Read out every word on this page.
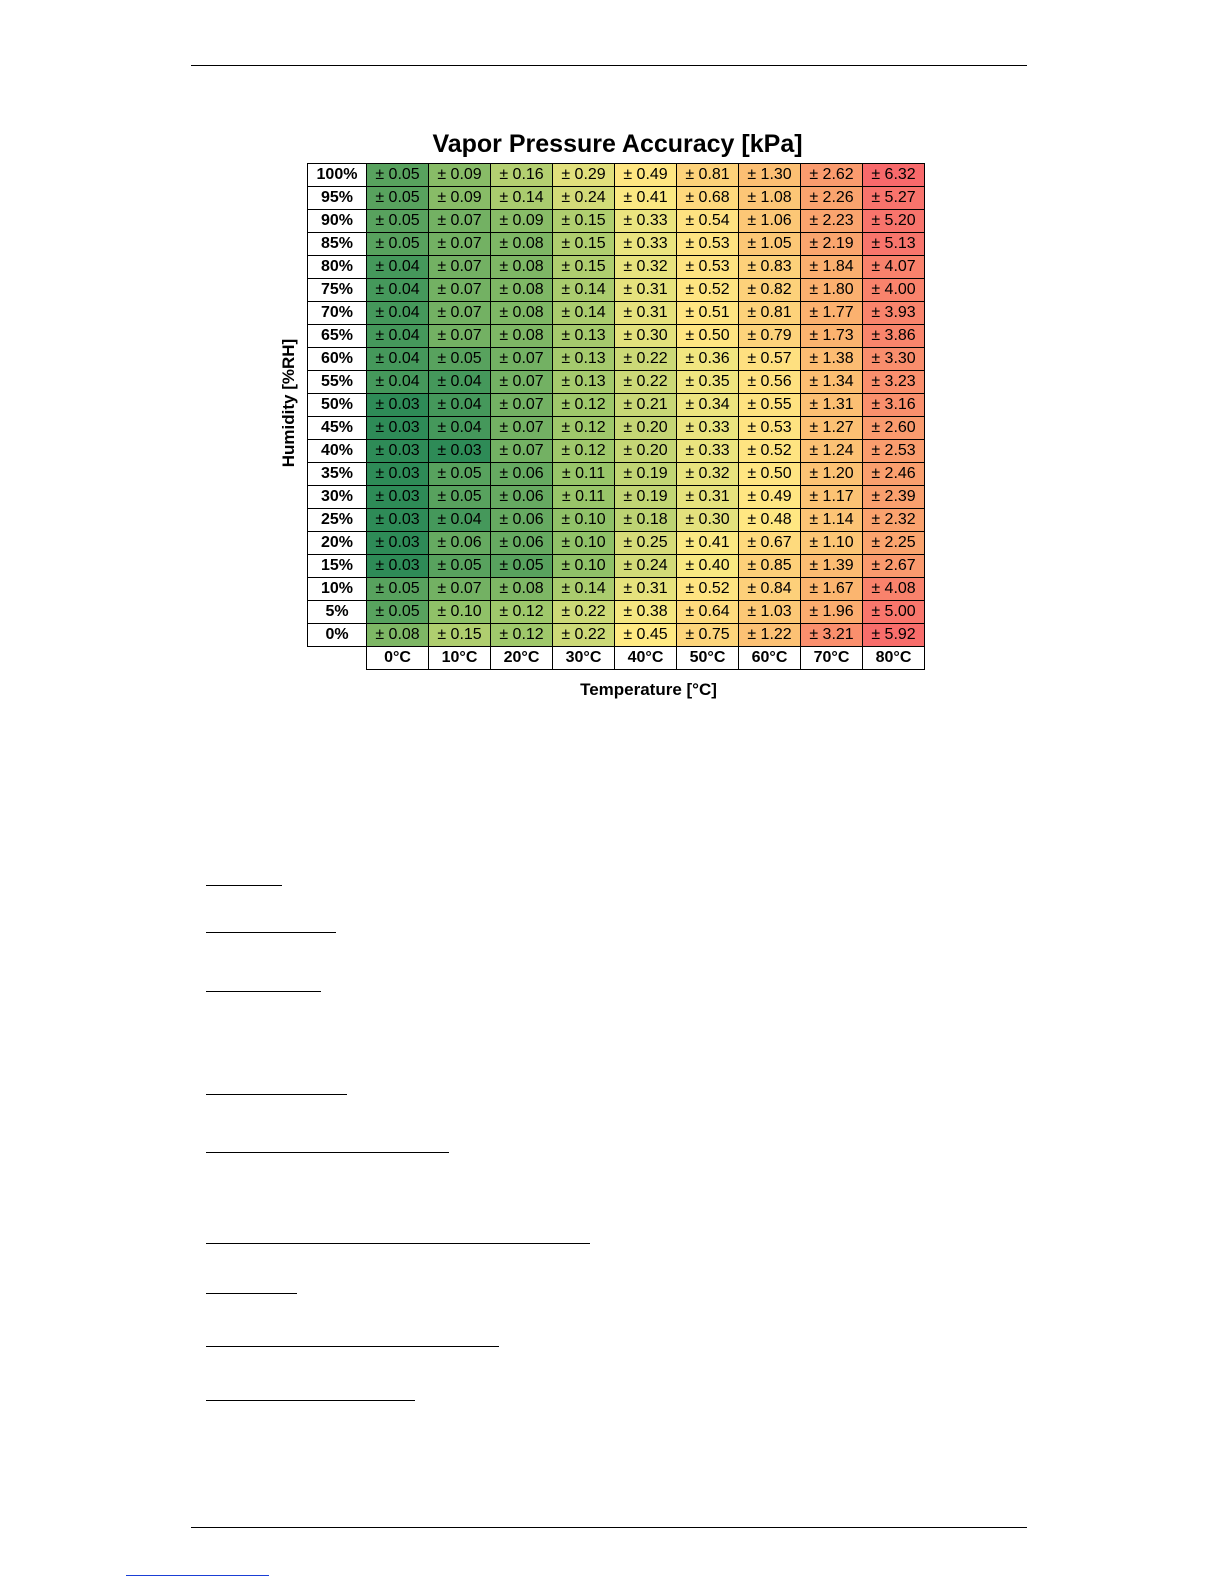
Vapor Pressure Accuracy [kPa]
Humidity [%RH]
100%	± 0.05	± 0.09	± 0.16	± 0.29	± 0.49	± 0.81	± 1.30	± 2.62	± 6.32
95%	± 0.05	± 0.09	± 0.14	± 0.24	± 0.41	± 0.68	± 1.08	± 2.26	± 5.27
90%	± 0.05	± 0.07	± 0.09	± 0.15	± 0.33	± 0.54	± 1.06	± 2.23	± 5.20
85%	± 0.05	± 0.07	± 0.08	± 0.15	± 0.33	± 0.53	± 1.05	± 2.19	± 5.13
80%	± 0.04	± 0.07	± 0.08	± 0.15	± 0.32	± 0.53	± 0.83	± 1.84	± 4.07
75%	± 0.04	± 0.07	± 0.08	± 0.14	± 0.31	± 0.52	± 0.82	± 1.80	± 4.00
70%	± 0.04	± 0.07	± 0.08	± 0.14	± 0.31	± 0.51	± 0.81	± 1.77	± 3.93
65%	± 0.04	± 0.07	± 0.08	± 0.13	± 0.30	± 0.50	± 0.79	± 1.73	± 3.86
60%	± 0.04	± 0.05	± 0.07	± 0.13	± 0.22	± 0.36	± 0.57	± 1.38	± 3.30
55%	± 0.04	± 0.04	± 0.07	± 0.13	± 0.22	± 0.35	± 0.56	± 1.34	± 3.23
50%	± 0.03	± 0.04	± 0.07	± 0.12	± 0.21	± 0.34	± 0.55	± 1.31	± 3.16
45%	± 0.03	± 0.04	± 0.07	± 0.12	± 0.20	± 0.33	± 0.53	± 1.27	± 2.60
40%	± 0.03	± 0.03	± 0.07	± 0.12	± 0.20	± 0.33	± 0.52	± 1.24	± 2.53
35%	± 0.03	± 0.05	± 0.06	± 0.11	± 0.19	± 0.32	± 0.50	± 1.20	± 2.46
30%	± 0.03	± 0.05	± 0.06	± 0.11	± 0.19	± 0.31	± 0.49	± 1.17	± 2.39
25%	± 0.03	± 0.04	± 0.06	± 0.10	± 0.18	± 0.30	± 0.48	± 1.14	± 2.32
20%	± 0.03	± 0.06	± 0.06	± 0.10	± 0.25	± 0.41	± 0.67	± 1.10	± 2.25
15%	± 0.03	± 0.05	± 0.05	± 0.10	± 0.24	± 0.40	± 0.85	± 1.39	± 2.67
10%	± 0.05	± 0.07	± 0.08	± 0.14	± 0.31	± 0.52	± 0.84	± 1.67	± 4.08
5%	± 0.05	± 0.10	± 0.12	± 0.22	± 0.38	± 0.64	± 1.03	± 1.96	± 5.00
0%	± 0.08	± 0.15	± 0.12	± 0.22	± 0.45	± 0.75	± 1.22	± 3.21	± 5.92
	0°C	10°C	20°C	30°C	40°C	50°C	60°C	70°C	80°C
Temperature [°C]
